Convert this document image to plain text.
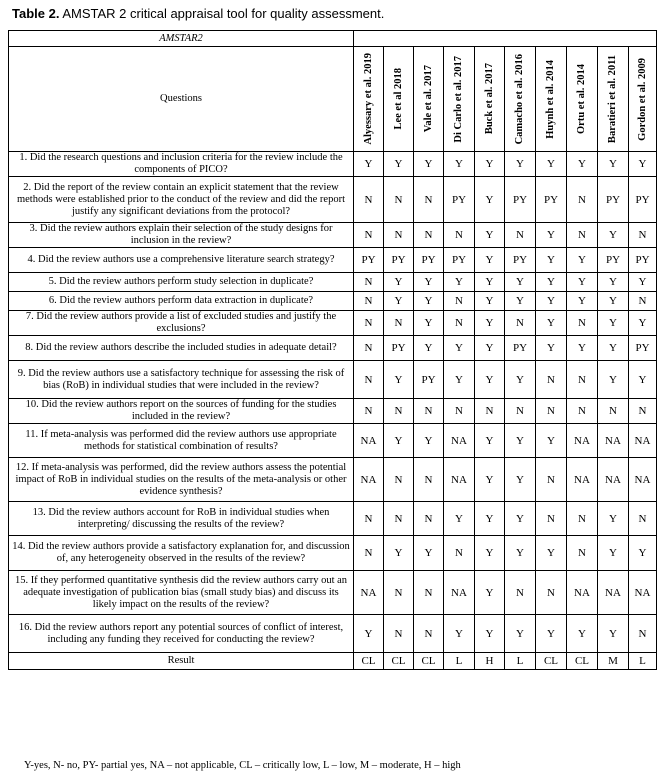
Table 2. AMSTAR 2 critical appraisal tool for quality assessment.
AMSTAR2										
Questions	Alyessary et al. 2019	Lee et al 2018	Vale et al. 2017	Di Carlo et al. 2017	Buck et al. 2017	Camacho et al. 2016	Huynh et al. 2014	Ortu et al. 2014	Baratieri et al. 2011	Gordon et al. 2009

1. Did the research questions and inclusion criteria for the review include the components of PICO?	Y	Y	Y	Y	Y	Y	Y	Y	Y	Y
2. Did the report of the review contain an explicit statement that the review methods were established prior to the conduct of the review and did the report justify any significant deviations from the protocol?	N	N	N	PY	Y	PY	PY	N	PY	PY
3. Did the review authors explain their selection of the study designs for inclusion in the review?	N	N	N	N	Y	N	Y	N	Y	N
4. Did the review authors use a comprehensive literature search strategy?	PY	PY	PY	PY	Y	PY	Y	Y	PY	PY
5. Did the review authors perform study selection in duplicate?	N	Y	Y	Y	Y	Y	Y	Y	Y	Y
6. Did the review authors perform data extraction in duplicate?	N	Y	Y	N	Y	Y	Y	Y	Y	N
7. Did the review authors provide a list of excluded studies and justify the exclusions?	N	N	Y	N	Y	N	Y	N	Y	Y
8. Did the review authors describe the included studies in adequate detail?	N	PY	Y	Y	Y	PY	Y	Y	Y	PY
9. Did the review authors use a satisfactory technique for assessing the risk of bias (RoB) in individual studies that were included in the review?	N	Y	PY	Y	Y	Y	N	N	Y	Y
10. Did the review authors report on the sources of funding for the studies included in the review?	N	N	N	N	N	N	N	N	N	N
11. If meta-analysis was performed did the review authors use appropriate methods for statistical combination of results?	NA	Y	Y	NA	Y	Y	Y	NA	NA	NA
12. If meta-analysis was performed, did the review authors assess the potential impact of RoB in individual studies on the results of the meta-analysis or other evidence synthesis?	NA	N	N	NA	Y	Y	N	NA	NA	NA
13. Did the review authors account for RoB in individual studies when interpreting/ discussing the results of the review?	N	N	N	Y	Y	Y	N	N	Y	N
14. Did the review authors provide a satisfactory explanation for, and discussion of, any heterogeneity observed in the results of the review?	N	Y	Y	N	Y	Y	Y	N	Y	Y
15. If they performed quantitative synthesis did the review authors carry out an adequate investigation of publication bias (small study bias) and discuss its likely impact on the results of the review?	NA	N	N	NA	Y	N	N	NA	NA	NA
16. Did the review authors report any potential sources of conflict of interest, including any funding they received for conducting the review?	Y	N	N	Y	Y	Y	Y	Y	Y	N
Result	CL	CL	CL	L	H	L	CL	CL	M	L
Y-yes, N- no, PY- partial yes, NA – not applicable, CL – critically low, L – low, M – moderate, H – high
